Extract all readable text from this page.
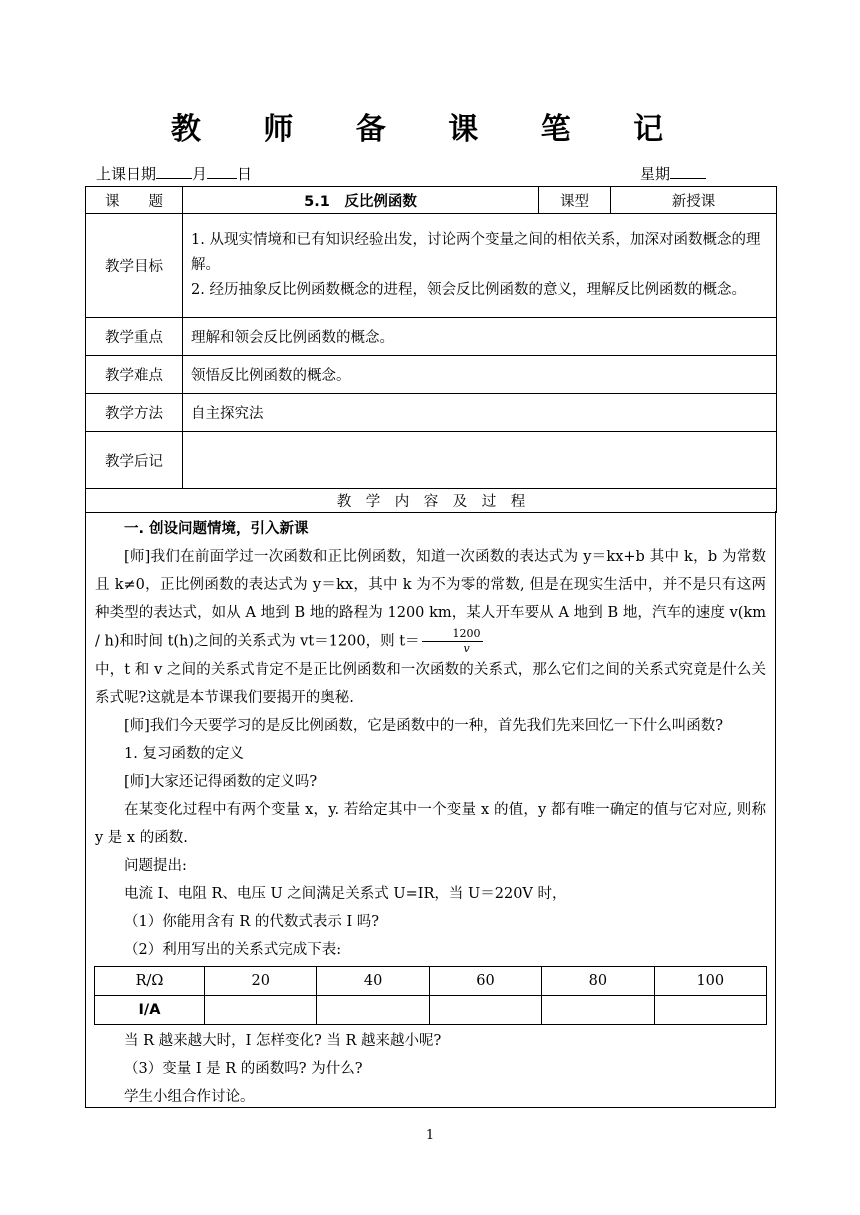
教 师 备 课 笔 记
上课日期 月 日	星期
课　　题	5.1　反比例函数	课型	新授课
教学目标	1. 从现实情境和已有知识经验出发，讨论两个变量之间的相依关系，加深对函数概念的理解。
2. 经历抽象反比例函数概念的进程，领会反比例函数的意义，理解反比例函数的概念。		

教学重点	理解和领会反比例函数的概念。		
教学难点	领悟反比例函数的概念。		
教学方法	自主探究法		
教学后记			
教　学　内　容　及　过　程			

一. 创设问题情境，引入新课

[师]我们在前面学过一次函数和正比例函数，知道一次函数的表达式为 y＝kx+b 其中 k，b 为常数且 k≠0，正比例函数的表达式为 y＝kx，其中 k 为不为零的常数, 但是在现实生活中，并不是只有这两种类型的表达式，如从 A 地到 B 地的路程为 1200 km，某人开车要从 A 地到 B 地，汽车的速度 v(km / h)和时间 t(h)之间的关系式为 vt＝1200，则 $t= \frac{1200}{v}$

中，t 和 v 之间的关系式肯定不是正比例函数和一次函数的关系式，那么它们之间的关系式究竟是什么关系式呢?这就是本节课我们要揭开的奥秘.

[师]我们今天要学习的是反比例函数，它是函数中的一种，首先我们先来回忆一下什么叫函数?

1. 复习函数的定义

[师]大家还记得函数的定义吗?

在某变化过程中有两个变量 x，y. 若给定其中一个变量 x 的值，y 都有唯一确定的值与它对应, 则称 y 是 x 的函数.

问题提出:

电流 I、电阻 R、电压 U 之间满足关系式 U=IR，当 U＝220V 时，

（1）你能用含有 R 的代数式表示 I 吗?

（2）利用写出的关系式完成下表:

R/Ω	20	40	60	80	100
I/A					

当 R 越来越大时，I 怎样变化? 当 R 越来越小呢?

（3）变量 I 是 R 的函数吗? 为什么?

学生小组合作讨论。

1
